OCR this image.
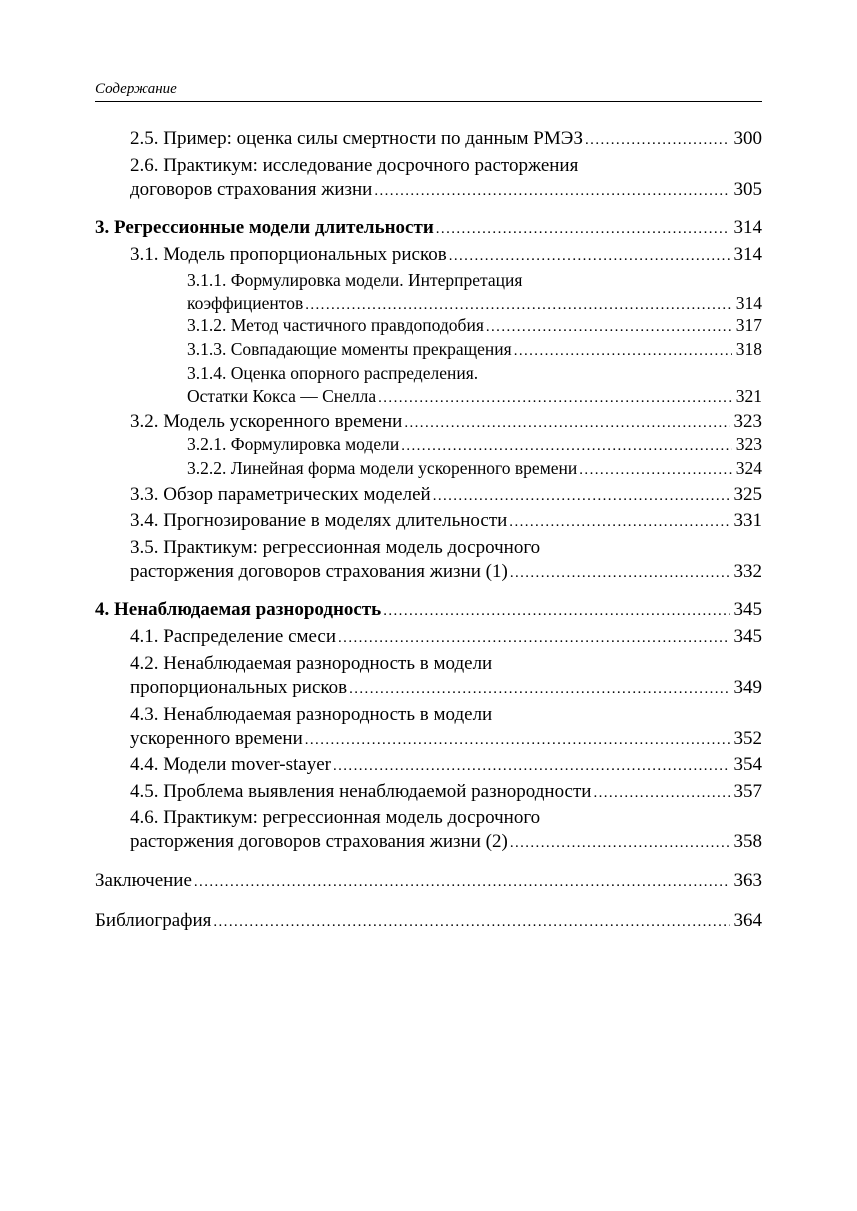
Содержание
2.5. Пример: оценка силы смертности по данным РМЭЗ .....	300
2.6. Практикум: исследование досрочного расторжения
договоров страхования жизни .....	305
3. Регрессионные модели длительности .....	314
3.1. Модель пропорциональных рисков .....	314
3.1.1. Формулировка модели. Интерпретация
коэффициентов .....	314
3.1.2. Метод частичного правдоподобия .....	317
3.1.3. Совпадающие моменты прекращения .....	318
3.1.4. Оценка опорного распределения.
Остатки Кокса — Снелла .....	321
3.2. Модель ускоренного времени .....	323
3.2.1. Формулировка модели .....	323
3.2.2. Линейная форма модели ускоренного времени .....	324
3.3. Обзор параметрических моделей .....	325
3.4. Прогнозирование в моделях длительности .....	331
3.5. Практикум: регрессионная модель досрочного
расторжения договоров страхования жизни (1) .....	332
4. Ненаблюдаемая разнородность .....	345
4.1. Распределение смеси .....	345
4.2. Ненаблюдаемая разнородность в модели
пропорциональных рисков .....	349
4.3. Ненаблюдаемая разнородность в модели
ускоренного времени .....	352
4.4. Модели mover-stayer .....	354
4.5. Проблема выявления ненаблюдаемой разнородности .....	357
4.6. Практикум: регрессионная модель досрочного
расторжения договоров страхования жизни (2) .....	358
Заключение .....	363
Библиография .....	364
